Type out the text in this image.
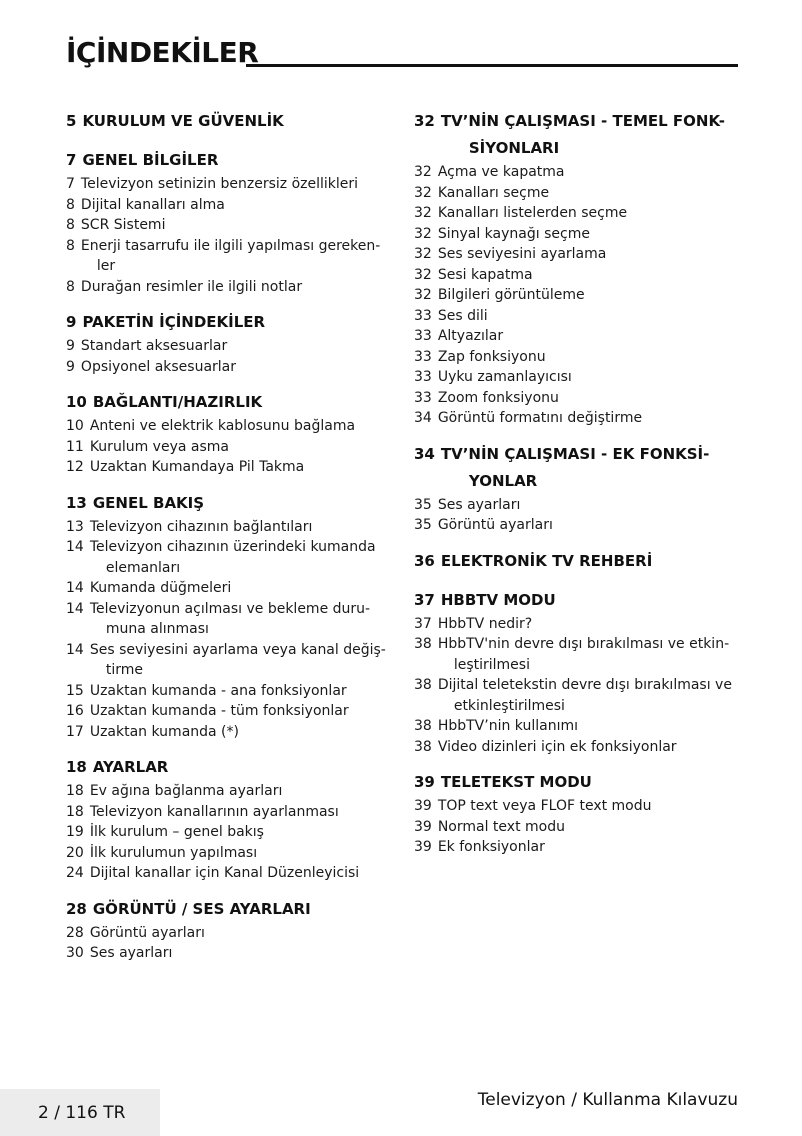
İÇİNDEKİLER
5 KURULUM VE GÜVENLİK
7 GENEL BİLGİLER
7 Televizyon setinizin benzersiz özellikleri
8 Dijital kanalları alma
8 SCR Sistemi
8 Enerji tasarrufu ile ilgili yapılması gereken-
ler
8 Durağan resimler ile ilgili notlar
9 PAKETİN İÇİNDEKİLER
9 Standart aksesuarlar
9 Opsiyonel aksesuarlar
10 BAĞLANTI/HAZIRLIK
10 Anteni ve elektrik kablosunu bağlama
11 Kurulum veya asma
12 Uzaktan Kumandaya Pil Takma
13 GENEL BAKIŞ
13 Televizyon cihazının bağlantıları
14 Televizyon cihazının üzerindeki kumanda
elemanları
14 Kumanda düğmeleri
14 Televizyonun açılması ve bekleme duru-
muna alınması
14 Ses seviyesini ayarlama veya kanal değiş-
tirme
15 Uzaktan kumanda - ana fonksiyonlar
16 Uzaktan kumanda - tüm fonksiyonlar
17 Uzaktan kumanda (*)
18 AYARLAR
18 Ev ağına bağlanma ayarları
18 Televizyon kanallarının ayarlanması
19 İlk kurulum – genel bakış
20 İlk kurulumun yapılması
24 Dijital kanallar için Kanal Düzenleyicisi
28 GÖRÜNTÜ / SES AYARLARI
28 Görüntü ayarları
30 Ses ayarları
32 TV’NİN ÇALIŞMASI - TEMEL FONK-
SİYONLARI
32 Açma ve kapatma
32 Kanalları seçme
32 Kanalları listelerden seçme
32 Sinyal kaynağı seçme
32 Ses seviyesini ayarlama
32 Sesi kapatma
32 Bilgileri görüntüleme
33 Ses dili
33 Altyazılar
33 Zap fonksiyonu
33 Uyku zamanlayıcısı
33 Zoom fonksiyonu
34 Görüntü formatını değiştirme
34 TV’NİN ÇALIŞMASI - EK FONKSİ-
YONLAR
35 Ses ayarları
35 Görüntü ayarları
36 ELEKTRONİK TV REHBERİ
37 HBBTV MODU
37 HbbTV nedir?
38 HbbTV'nin devre dışı bırakılması ve etkin-
leştirilmesi
38 Dijital teletekstin devre dışı bırakılması ve
etkinleştirilmesi
38 HbbTV’nin kullanımı
38 Video dizinleri için ek fonksiyonlar
39 TELETEKST MODU
39 TOP text veya FLOF text modu
39 Normal text modu
39 Ek fonksiyonlar
2 / 116 TR
Televizyon / Kullanma Kılavuzu
